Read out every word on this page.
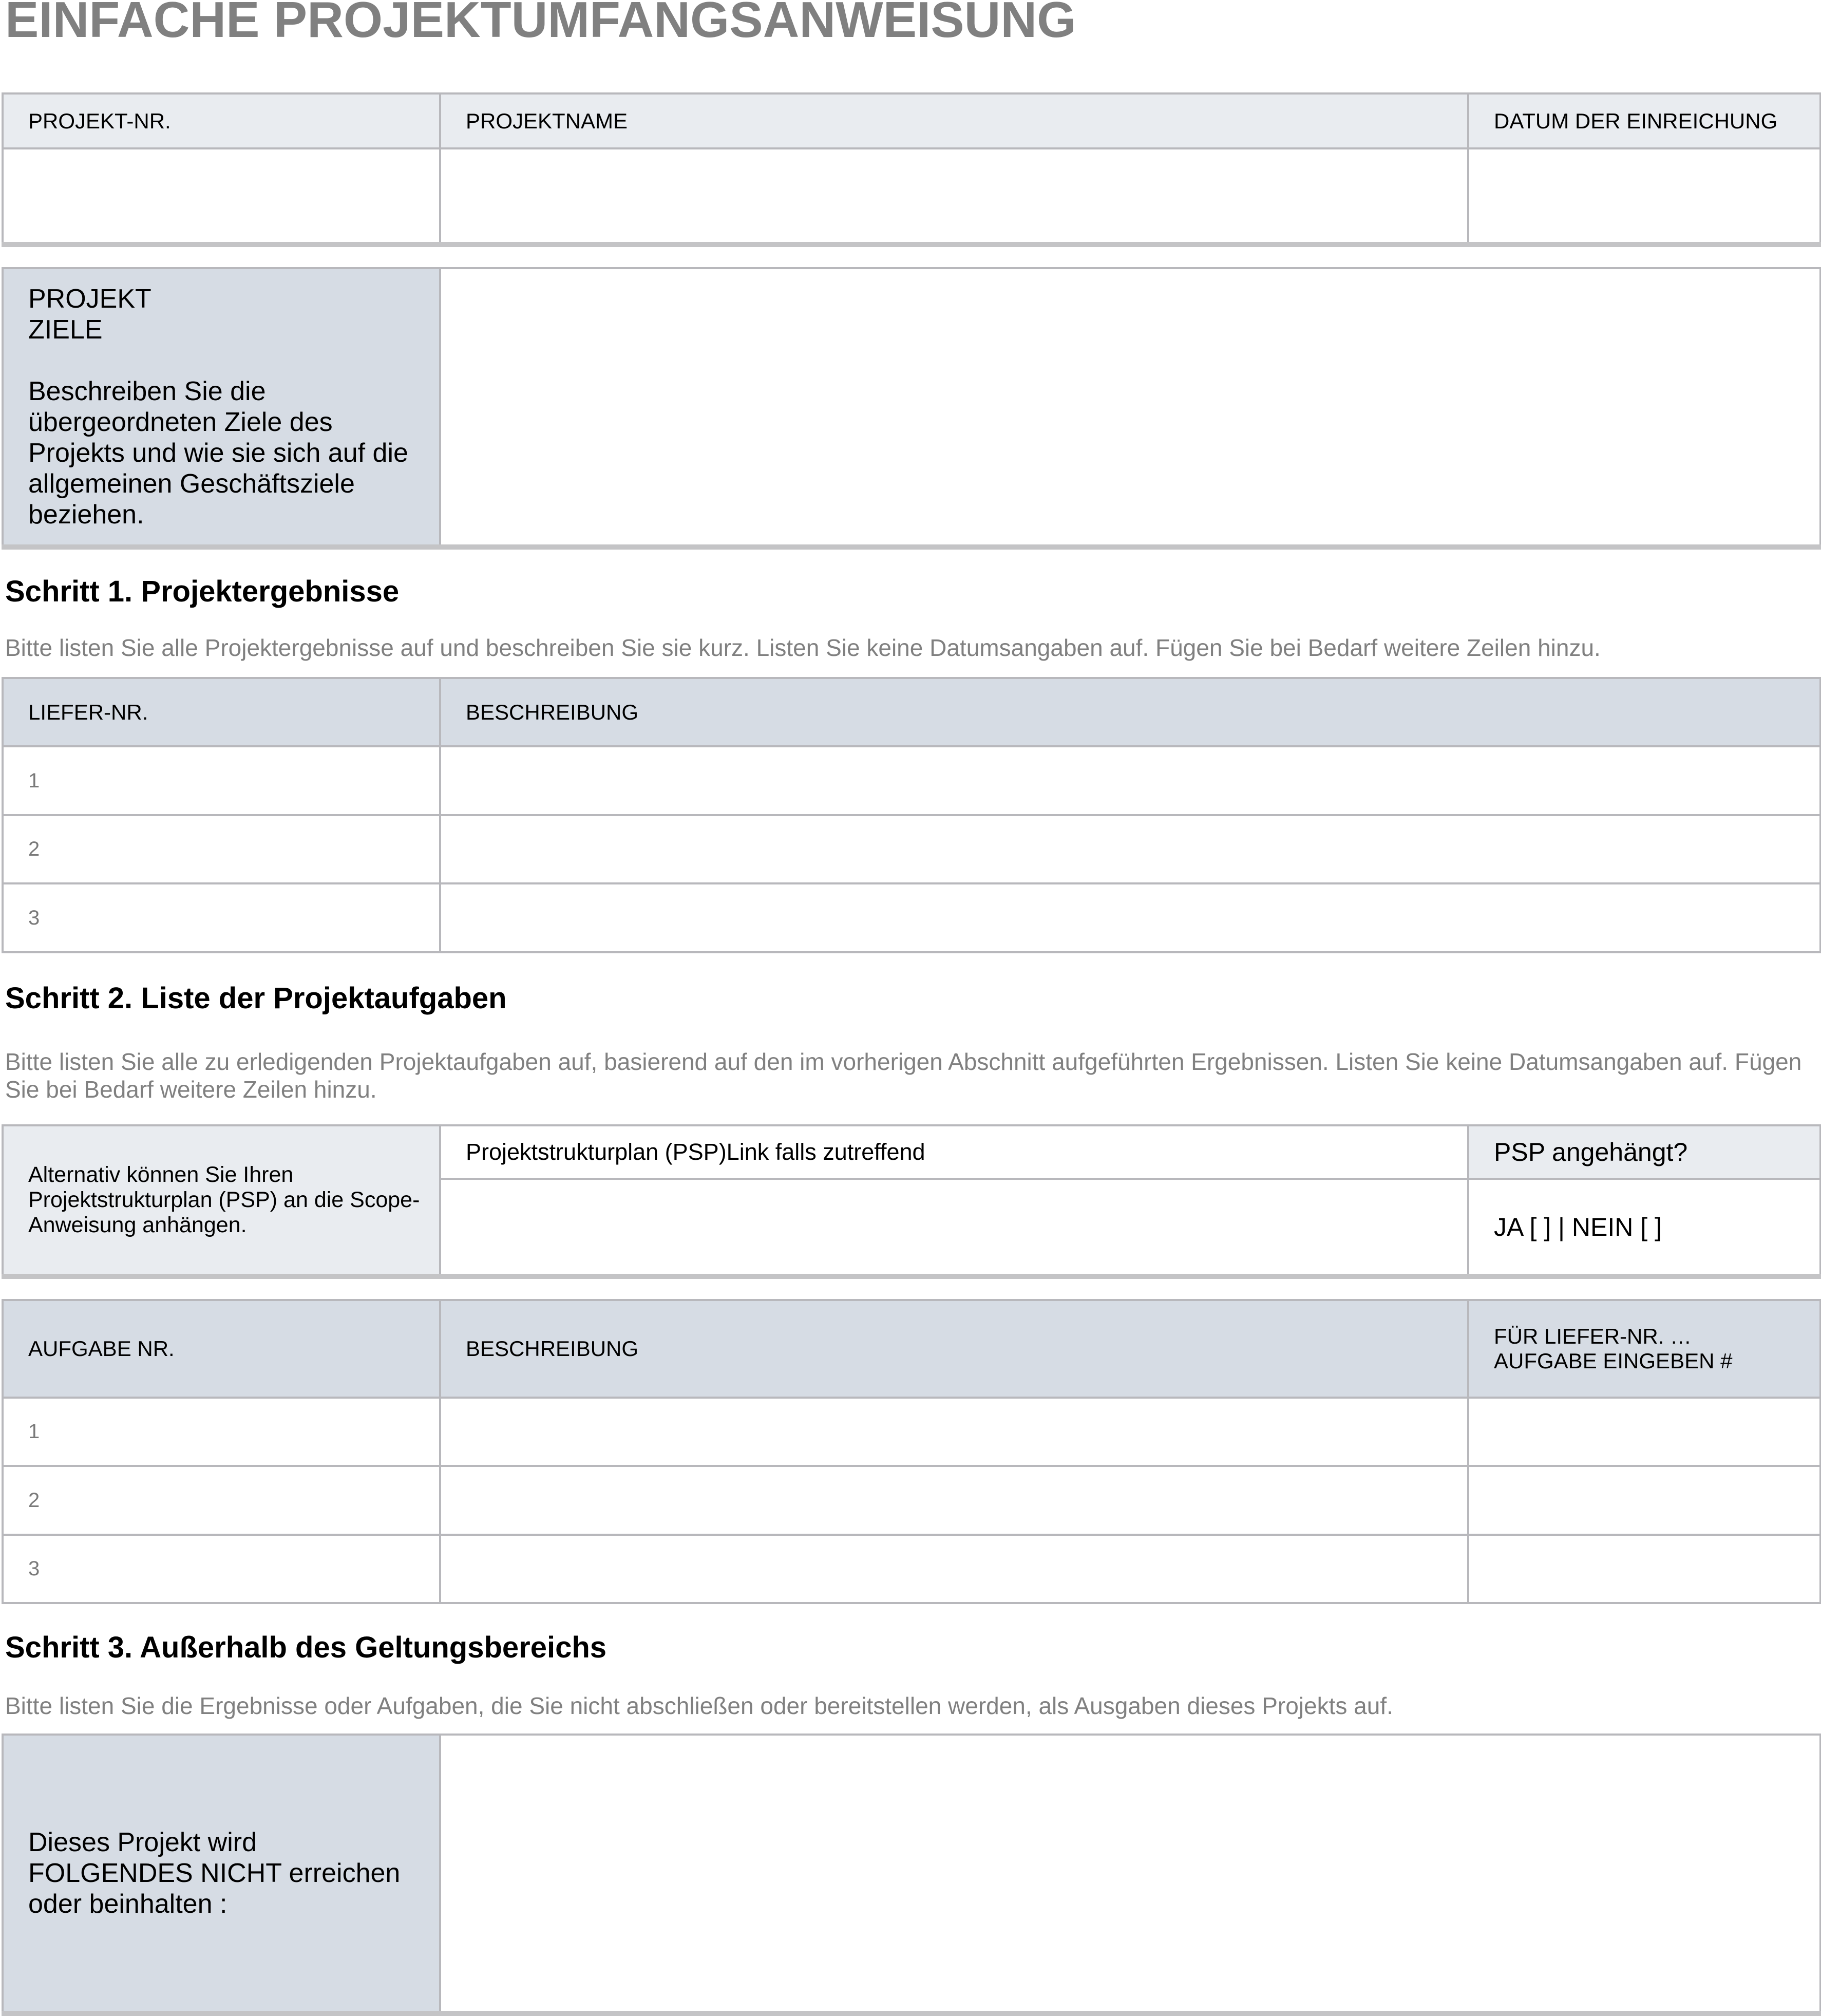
EINFACHE PROJEKTUMFANGSANWEISUNG
PROJEKT-NR.	PROJEKTNAME	DATUM DER EINREICHUNG

PROJEKT
ZIELE

Beschreiben Sie die übergeordneten Ziele des Projekts und wie sie sich auf die allgemeinen Geschäftsziele beziehen.	
Schritt 1. Projektergebnisse
Bitte listen Sie alle Projektergebnisse auf und beschreiben Sie sie kurz. Listen Sie keine Datumsangaben auf. Fügen Sie bei Bedarf weitere Zeilen hinzu.
LIEFER-NR.	BESCHREIBUNG
1	
2	
3	
Schritt 2. Liste der Projektaufgaben
Bitte listen Sie alle zu erledigenden Projektaufgaben auf, basierend auf den im vorherigen Abschnitt aufgeführten Ergebnissen. Listen Sie keine Datumsangaben auf. Fügen Sie bei Bedarf weitere Zeilen hinzu.
Alternativ können Sie Ihren Projektstrukturplan (PSP) an die Scope-Anweisung anhängen.	Projektstrukturplan (PSP)Link falls zutreffend	PSP angehängt?
		JA [ ] | NEIN [ ]
AUFGABE NR.	BESCHREIBUNG	FÜR LIEFER-NR. …
AUFGABE EINGEBEN #
1		
2		
3		
Schritt 3. Außerhalb des Geltungsbereichs
Bitte listen Sie die Ergebnisse oder Aufgaben, die Sie nicht abschließen oder bereitstellen werden, als Ausgaben dieses Projekts auf.
Dieses Projekt wird FOLGENDES NICHT erreichen oder beinhalten :	
